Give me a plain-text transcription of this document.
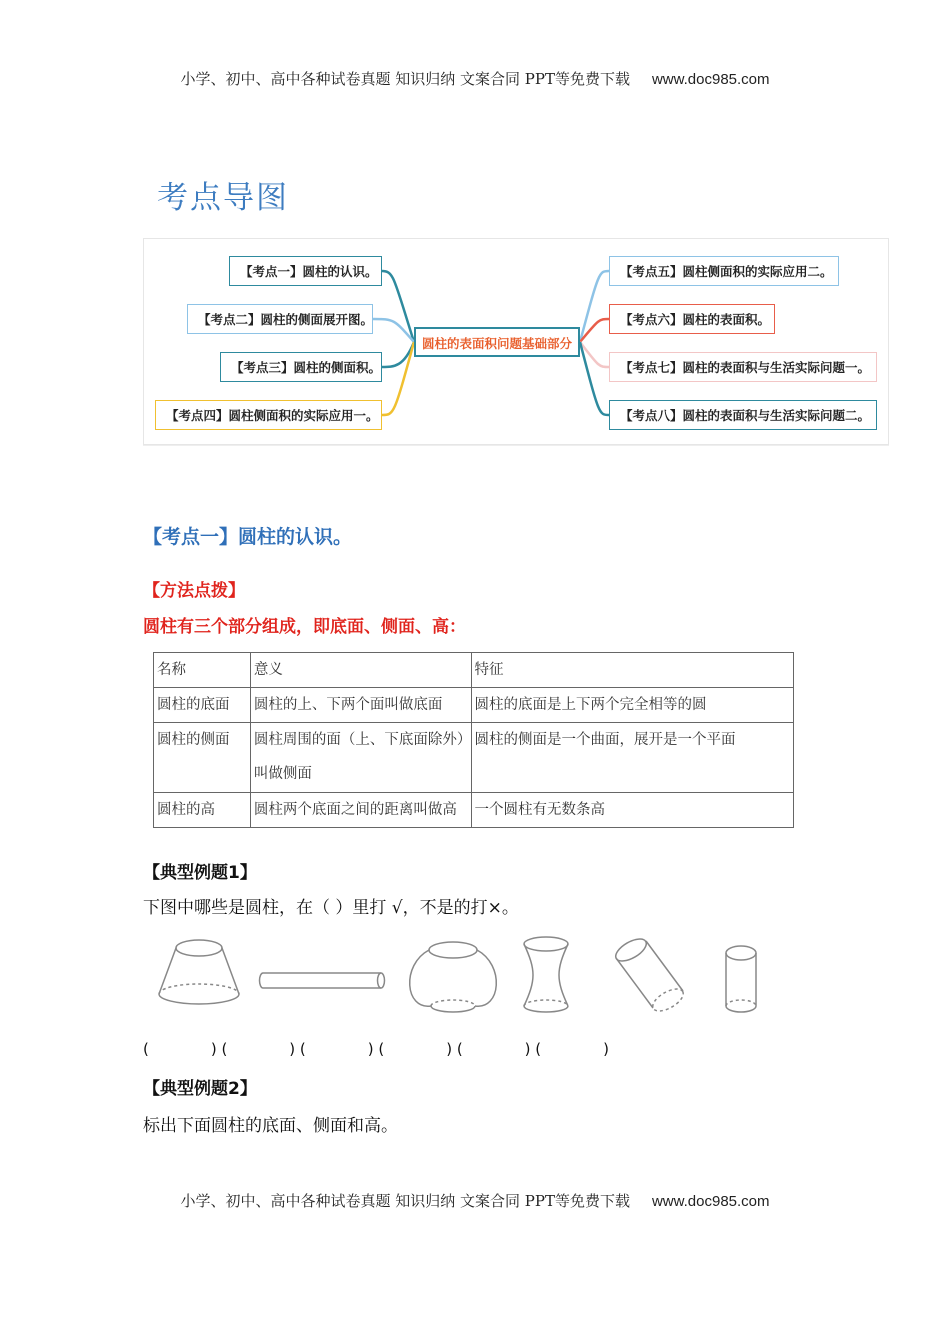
小学、初中、高中各种试卷真题 知识归纳 文案合同 PPT等免费下载 www.doc985.com
考点导图
圆柱的表面积问题基础部分
【考点一】圆柱的认识。
【考点二】圆柱的侧面展开图。
【考点三】圆柱的侧面积。
【考点四】圆柱侧面积的实际应用一。
【考点五】圆柱侧面积的实际应用二。
【考点六】圆柱的表面积。
【考点七】圆柱的表面积与生活实际问题一。
【考点八】圆柱的表面积与生活实际问题二。
【考点一】圆柱的认识。
【方法点拨】
圆柱有三个部分组成，即底面、侧面、高：
名称	意义	特征
圆柱的底面	圆柱的上、下两个面叫做底面	圆柱的底面是上下两个完全相等的圆
圆柱的侧面	圆柱周围的面（上、下底面除外）叫做侧面	圆柱的侧面是一个曲面，展开是一个平面
圆柱的高	圆柱两个底面之间的距离叫做高	一个圆柱有无数条高
【典型例题1】
下图中哪些是圆柱，在（ ）里打 √，不是的打×。
(             ) (             ) (             ) (             ) (             ) (             )
【典型例题2】
标出下面圆柱的底面、侧面和高。
小学、初中、高中各种试卷真题 知识归纳 文案合同 PPT等免费下载 www.doc985.com
